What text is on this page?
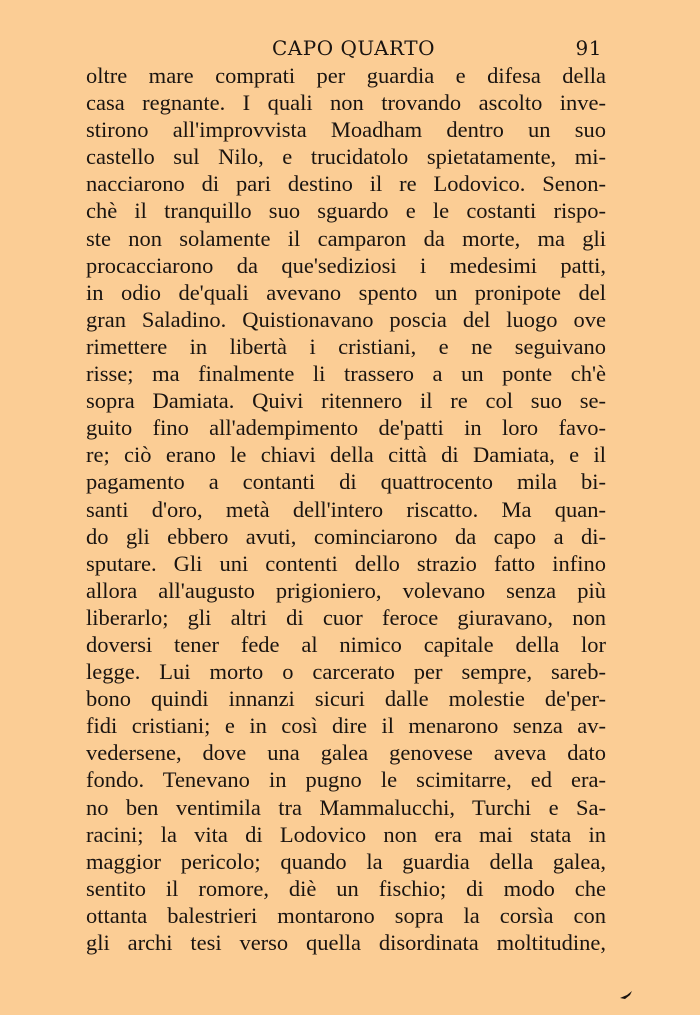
CAPO QUARTO	91
oltre mare comprati per guardia e difesa della
casa regnante. I quali non trovando ascolto inve-
stirono all'improvvista Moadham dentro un suo
castello sul Nilo, e trucidatolo spietatamente, mi-
nacciarono di pari destino il re Lodovico. Senon-
chè il tranquillo suo sguardo e le costanti rispo-
ste non solamente il camparon da morte, ma gli
procacciarono da que'sediziosi i medesimi patti,
in odio de'quali avevano spento un pronipote del
gran Saladino. Quistionavano poscia del luogo ove
rimettere in libertà i cristiani, e ne seguivano
risse; ma finalmente li trassero a un ponte ch'è
sopra Damiata. Quivi ritennero il re col suo se-
guito fino all'adempimento de'patti in loro favo-
re; ciò erano le chiavi della città di Damiata, e il
pagamento a contanti di quattrocento mila bi-
santi d'oro, metà dell'intero riscatto. Ma quan-
do gli ebbero avuti, cominciarono da capo a di-
sputare. Gli uni contenti dello strazio fatto infino
allora all'augusto prigioniero, volevano senza più
liberarlo; gli altri di cuor feroce giuravano, non
doversi tener fede al nimico capitale della lor
legge. Lui morto o carcerato per sempre, sareb-
bono quindi innanzi sicuri dalle molestie de'per-
fidi cristiani; e in così dire il menarono senza av-
vedersene, dove una galea genovese aveva dato
fondo. Tenevano in pugno le scimitarre, ed era-
no ben ventimila tra Mammalucchi, Turchi e Sa-
racini; la vita di Lodovico non era mai stata in
maggior pericolo; quando la guardia della galea,
sentito il romore, diè un fischio; di modo che
ottanta balestrieri montarono sopra la corsìa con
gli archi tesi verso quella disordinata moltitudine,
